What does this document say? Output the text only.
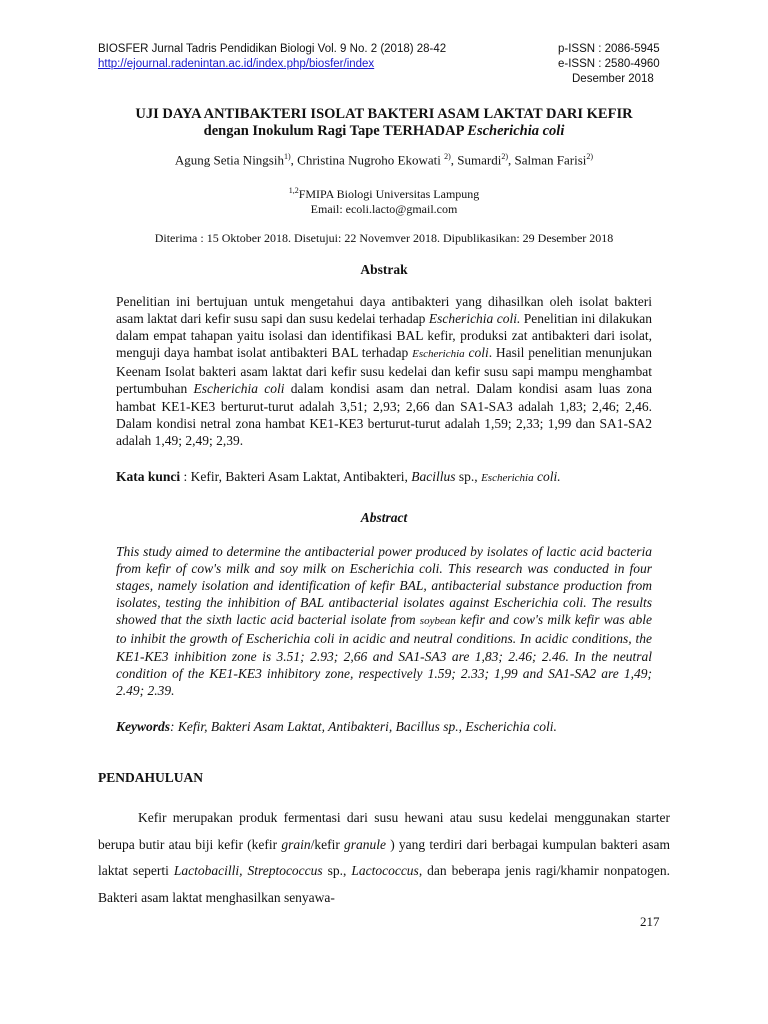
BIOSFER Jurnal Tadris Pendidikan Biologi Vol. 9 No. 2 (2018) 28-42	p-ISSN : 2086-5945
http://ejournal.radenintan.ac.id/index.php/biosfer/index	e-ISSN : 2580-4960
Desember 2018
UJI DAYA ANTIBAKTERI ISOLAT BAKTERI ASAM LAKTAT DARI KEFIR
dengan Inokulum Ragi Tape TERHADAP Escherichia coli
Agung Setia Ningsih$^{1)}$, Christina Nugroho Ekowati $^{2)}$, Sumardi$^{2)}$, Salman Farisi$^{2)}$
$^{1,2}$FMIPA Biologi Universitas Lampung
Email: ecoli.lacto@gmail.com
Diterima : 15 Oktober 2018. Disetujui: 22 Novemver 2018. Dipublikasikan: 29 Desember 2018
Abstrak
Penelitian ini bertujuan untuk mengetahui daya antibakteri yang dihasilkan oleh isolat bakteri asam laktat dari kefir susu sapi dan susu kedelai terhadap Escherichia coli. Penelitian ini dilakukan dalam empat tahapan yaitu isolasi dan identifikasi BAL kefir, produksi zat antibakteri dari isolat, menguji daya hambat isolat antibakteri BAL terhadap Escherichia coli. Hasil penelitian menunjukan Keenam Isolat bakteri asam laktat dari kefir susu kedelai dan kefir susu sapi mampu menghambat pertumbuhan Escherichia coli dalam kondisi asam dan netral. Dalam kondisi asam luas zona hambat KE1-KE3 berturut-turut adalah 3,51; 2,93; 2,66 dan SA1-SA3 adalah 1,83; 2,46; 2,46. Dalam kondisi netral zona hambat KE1-KE3 berturut-turut adalah 1,59; 2,33; 1,99 dan SA1-SA2 adalah 1,49; 2,49; 2,39.
Kata kunci : Kefir, Bakteri Asam Laktat, Antibakteri, Bacillus sp., Escherichia coli.
Abstract
This study aimed to determine the antibacterial power produced by isolates of lactic acid bacteria from kefir of cow's milk and soy milk on Escherichia coli. This research was conducted in four stages, namely isolation and identification of kefir BAL, antibacterial substance production from isolates, testing the inhibition of BAL antibacterial isolates against Escherichia coli. The results showed that the sixth lactic acid bacterial isolate from soybean kefir and cow's milk kefir was able to inhibit the growth of Escherichia coli in acidic and neutral conditions. In acidic conditions, the KE1-KE3 inhibition zone is 3.51; 2.93; 2,66 and SA1-SA3 are 1,83; 2.46; 2.46. In the neutral condition of the KE1-KE3 inhibitory zone, respectively 1.59; 2.33; 1,99 and SA1-SA2 are 1,49; 2.49; 2.39.
Keywords: Kefir, Bakteri Asam Laktat, Antibakteri, Bacillus sp., Escherichia coli.
PENDAHULUAN

Kefir merupakan produk fermentasi dari susu hewani atau susu kedelai menggunakan starter berupa butir atau biji kefir (kefir grain/kefir granule ) yang terdiri dari berbagai kumpulan bakteri asam laktat seperti Lactobacilli, Streptococcus sp., Lactococcus, dan beberapa jenis ragi/khamir nonpatogen. Bakteri asam laktat menghasilkan senyawa-

217
